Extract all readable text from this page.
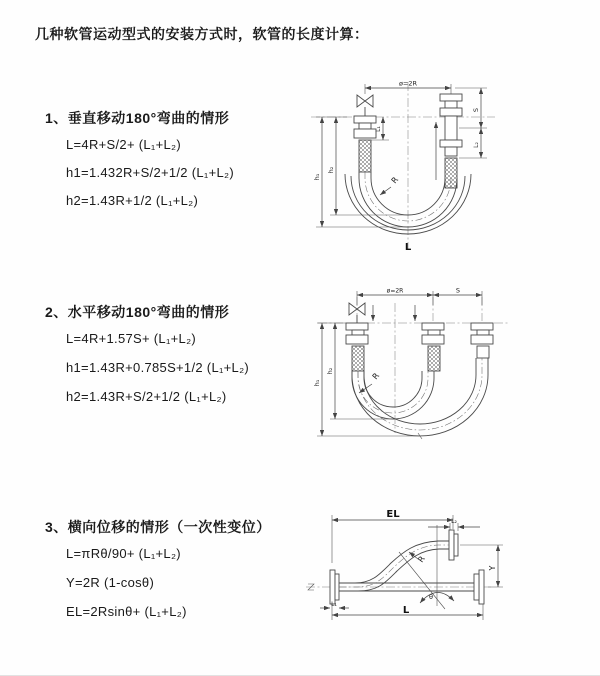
几种软管运动型式的安装方式时，软管的长度计算：
1、垂直移动180°弯曲的情形
L=4R+S/2+ (L₁+L₂)
h1=1.432R+S/2+1/2 (L₁+L₂)
h2=1.43R+1/2 (L₁+L₂)
2、水平移动180°弯曲的情形
L=4R+1.57S+ (L₁+L₂)
h1=1.43R+0.785S+1/2 (L₁+L₂)
h2=1.43R+S/2+1/2 (L₁+L₂)
3、横向位移的情形（一次性变位）
L=πRθ/90+ (L₁+L₂)
Y=2R (1-cosθ)
EL=2Rsinθ+ (L₁+L₂)
ø=2R
R
L
h₁
h₂
L₁
S
L₂
ø=2R	S
h₂
h₁
R
EL
L₂
Y
θ
R
L
L₁
